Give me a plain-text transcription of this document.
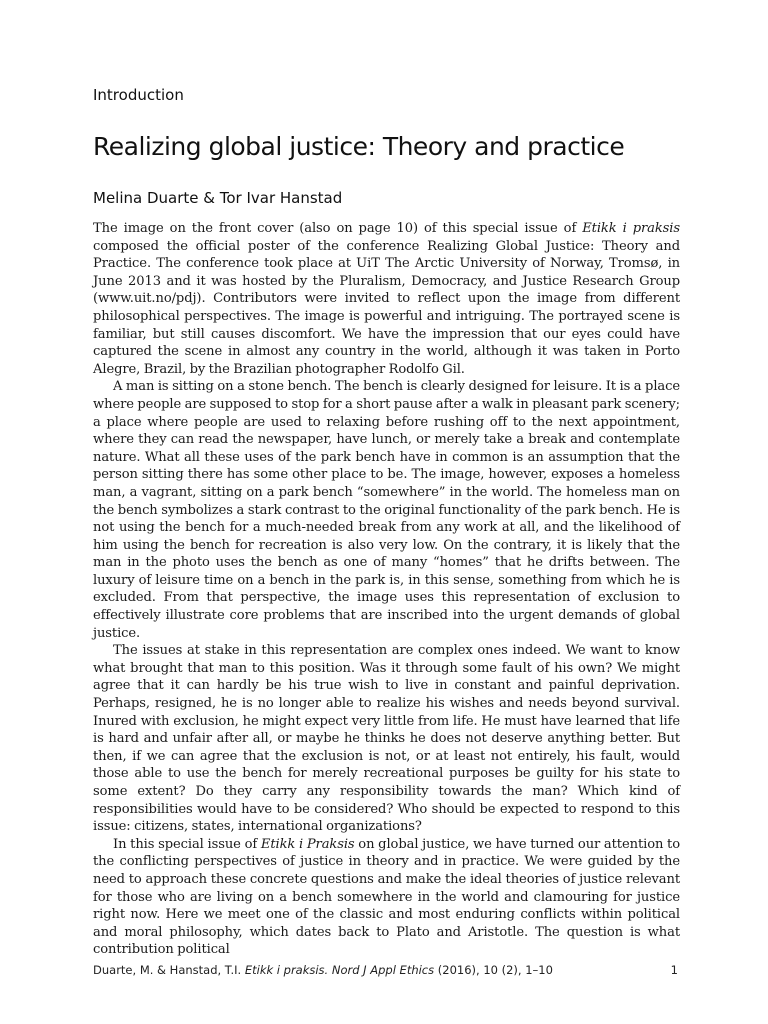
Introduction
Realizing global justice: Theory and practice
Melina Duarte & Tor Ivar Hanstad

The image on the front cover (also on page 10) of this special issue of Etikk i praksis composed the official poster of the conference Realizing Global Justice: Theory and Practice. The conference took place at UiT The Arctic University of Norway, Tromsø, in June 2013 and it was hosted by the Pluralism, Democracy, and Justice Research Group (www.uit.no/pdj). Contributors were invited to reflect upon the image from different philosophical perspectives. The image is powerful and intriguing. The portrayed scene is familiar, but still causes discomfort. We have the impression that our eyes could have captured the scene in almost any country in the world, although it was taken in Porto Alegre, Brazil, by the Brazilian photographer Rodolfo Gil.

A man is sitting on a stone bench. The bench is clearly designed for leisure. It is a place where people are supposed to stop for a short pause after a walk in pleasant park scenery; a place where people are used to relaxing before rushing off to the next appointment, where they can read the newspaper, have lunch, or merely take a break and contemplate nature. What all these uses of the park bench have in common is an assumption that the person sitting there has some other place to be. The image, however, exposes a homeless man, a vagrant, sitting on a park bench “somewhere” in the world. The homeless man on the bench symbolizes a stark contrast to the original functionality of the park bench. He is not using the bench for a much-needed break from any work at all, and the likelihood of him using the bench for recreation is also very low. On the contrary, it is likely that the man in the photo uses the bench as one of many “homes” that he drifts between. The luxury of leisure time on a bench in the park is, in this sense, something from which he is excluded. From that perspective, the image uses this representation of exclusion to effectively illustrate core problems that are inscribed into the urgent demands of global justice.

The issues at stake in this representation are complex ones indeed. We want to know what brought that man to this position. Was it through some fault of his own? We might agree that it can hardly be his true wish to live in constant and painful deprivation. Perhaps, resigned, he is no longer able to realize his wishes and needs beyond survival. Inured with exclusion, he might expect very little from life. He must have learned that life is hard and unfair after all, or maybe he thinks he does not deserve anything better. But then, if we can agree that the exclusion is not, or at least not entirely, his fault, would those able to use the bench for merely recreational purposes be guilty for his state to some extent? Do they carry any responsibility towards the man? Which kind of responsibilities would have to be considered? Who should be expected to respond to this issue: citizens, states, international organizations?

In this special issue of Etikk i Praksis on global justice, we have turned our attention to the conflicting perspectives of justice in theory and in practice. We were guided by the need to approach these concrete questions and make the ideal theories of justice relevant for those who are living on a bench somewhere in the world and clamouring for justice right now. Here we meet one of the classic and most enduring conflicts within political and moral philosophy, which dates back to Plato and Aristotle. The question is what contribution political

Duarte, M. & Hanstad, T.I. Etikk i praksis. Nord J Appl Ethics (2016), 10 (2), 1–10	1
